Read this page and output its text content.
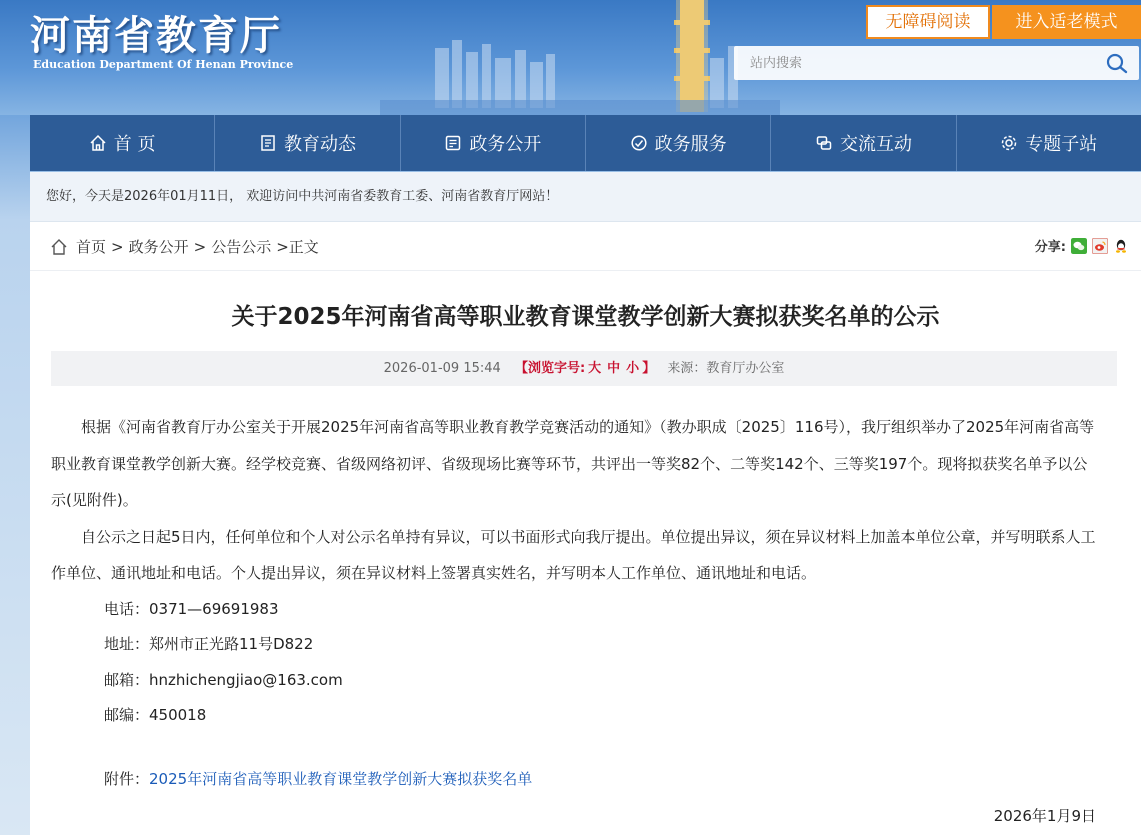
河南省教育厅
Education Department Of Henan Province
无障碍阅读	进入适老模式
站内搜索
首 页	教育动态	政务公开	政务服务	交流互动	专题子站
您好，今天是2026年01月11日， 欢迎访问中共河南省委教育工委、河南省教育厅网站！
首页 > 政务公开 > 公告公示 >正文	分享:
关于2025年河南省高等职业教育课堂教学创新大赛拟获奖名单的公示
2026-01-09 15:44 【浏览字号: 大 中 小 】 来源：教育厅办公室

根据《河南省教育厅办公室关于开展2025年河南省高等职业教育教学竞赛活动的通知》（教办职成〔2025〕116号），我厅组织举办了2025年河南省高等职业教育课堂教学创新大赛。经学校竞赛、省级网络初评、省级现场比赛等环节，共评出一等奖82个、二等奖142个、三等奖197个。现将拟获奖名单予以公示(见附件)。

自公示之日起5日内，任何单位和个人对公示名单持有异议，可以书面形式向我厅提出。单位提出异议，须在异议材料上加盖本单位公章，并写明联系人工作单位、通讯地址和电话。个人提出异议，须在异议材料上签署真实姓名，并写明本人工作单位、通讯地址和电话。

电话：0371—69691983
地址：郑州市正光路11号D822
邮箱：hnzhichengjiao@163.com
邮编：450018
附件：2025年河南省高等职业教育课堂教学创新大赛拟获奖名单
2026年1月9日
